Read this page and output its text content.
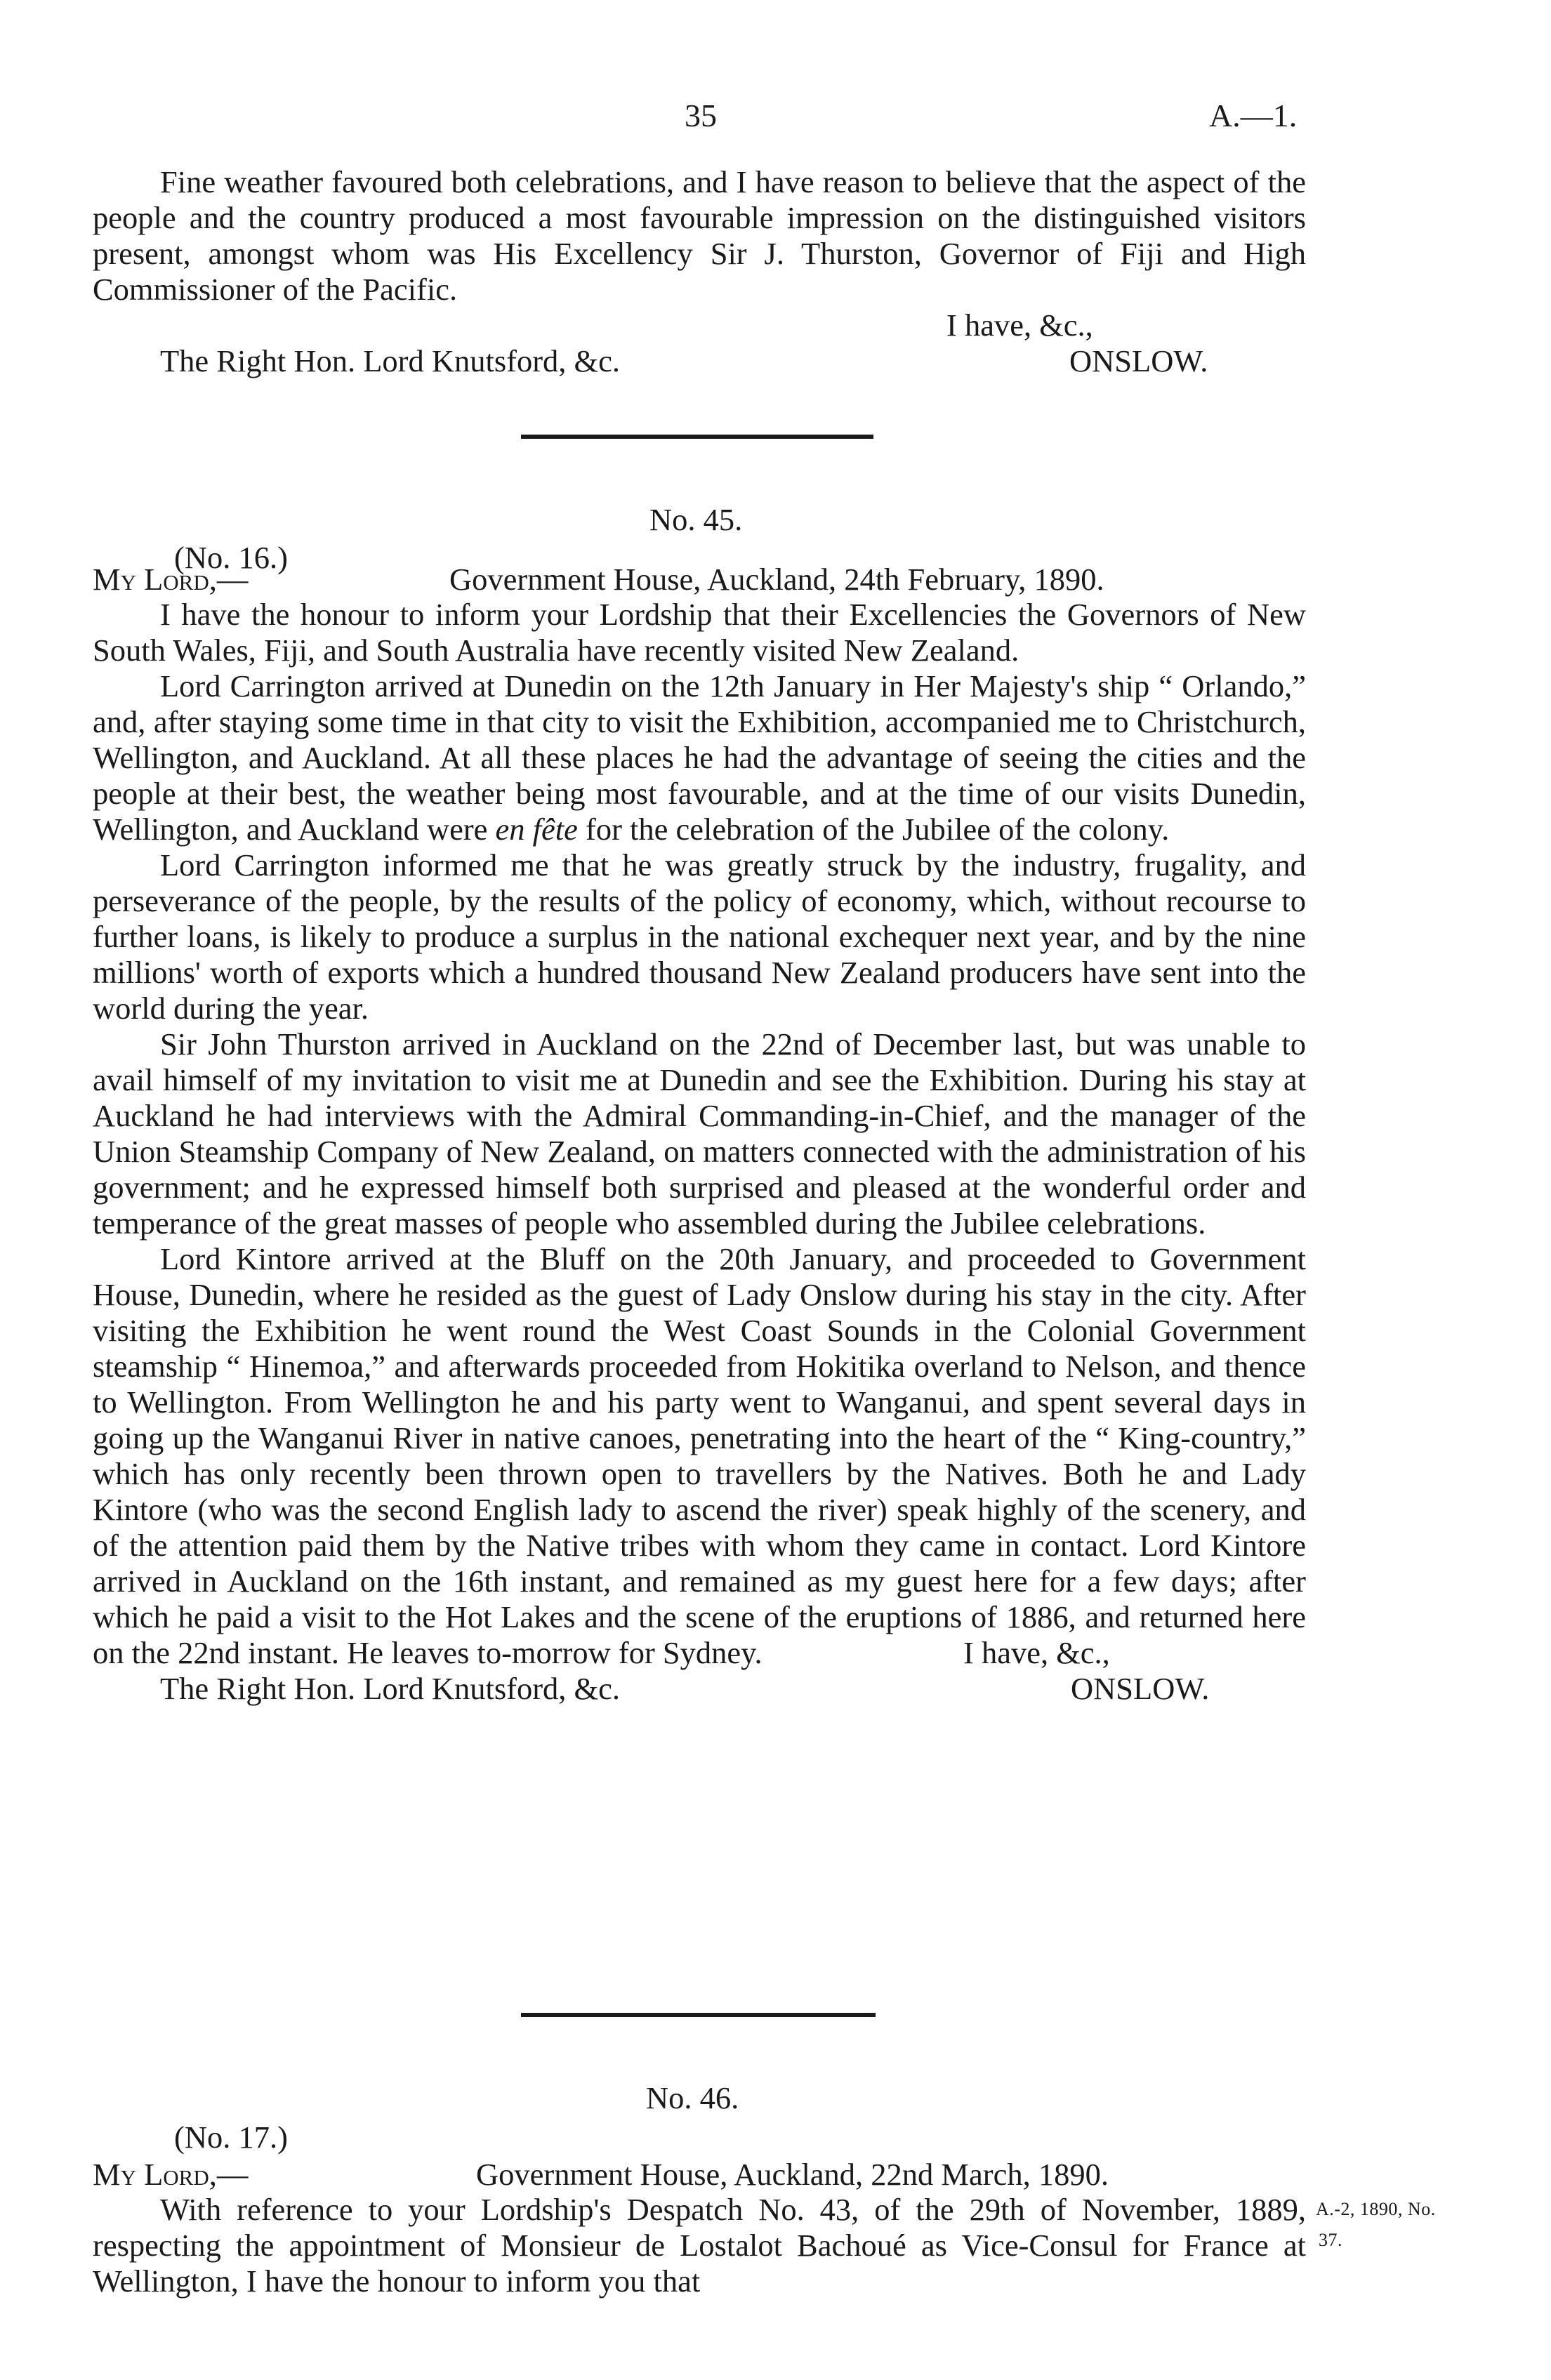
35	A.—1.

Fine weather favoured both celebrations, and I have reason to believe that the aspect of the people and the country produced a most favourable impression on the distinguished visitors present, amongst whom was His Excellency Sir J. Thurston, Governor of Fiji and High Commissioner of the Pacific.

I have, &c.,
The Right Hon. Lord Knutsford, &c.	ONSLOW.
No. 45.
(No. 16.)
My Lord,—	Government House, Auckland, 24th February, 1890.

I have the honour to inform your Lordship that their Excellencies the Governors of New South Wales, Fiji, and South Australia have recently visited New Zealand.

Lord Carrington arrived at Dunedin on the 12th January in Her Majesty's ship “ Orlando,” and, after staying some time in that city to visit the Exhibition, accompanied me to Christchurch, Wellington, and Auckland. At all these places he had the advantage of seeing the cities and the people at their best, the weather being most favourable, and at the time of our visits Dunedin, Wellington, and Auckland were en fête for the celebration of the Jubilee of the colony.

Lord Carrington informed me that he was greatly struck by the industry, frugality, and perseverance of the people, by the results of the policy of economy, which, without recourse to further loans, is likely to produce a surplus in the national exchequer next year, and by the nine millions' worth of exports which a hundred thousand New Zealand producers have sent into the world during the year.

Sir John Thurston arrived in Auckland on the 22nd of December last, but was unable to avail himself of my invitation to visit me at Dunedin and see the Exhibition. During his stay at Auckland he had interviews with the Admiral Commanding-in-Chief, and the manager of the Union Steamship Company of New Zealand, on matters connected with the administration of his government; and he expressed himself both surprised and pleased at the wonderful order and temperance of the great masses of people who assembled during the Jubilee celebrations.

Lord Kintore arrived at the Bluff on the 20th January, and proceeded to Government House, Dunedin, where he resided as the guest of Lady Onslow during his stay in the city. After visiting the Exhibition he went round the West Coast Sounds in the Colonial Government steamship “ Hinemoa,” and afterwards proceeded from Hokitika overland to Nelson, and thence to Wellington. From Wellington he and his party went to Wanganui, and spent several days in going up the Wanganui River in native canoes, penetrating into the heart of the “ King-country,” which has only recently been thrown open to travellers by the Natives. Both he and Lady Kintore (who was the second English lady to ascend the river) speak highly of the scenery, and of the attention paid them by the Native tribes with whom they came in contact. Lord Kintore arrived in Auckland on the 16th instant, and remained as my guest here for a few days; after which he paid a visit to the Hot Lakes and the scene of the eruptions of 1886, and returned here on the 22nd instant. He leaves to-morrow for Sydney.	I have, &c.,
The Right Hon. Lord Knutsford, &c.	ONSLOW.
No. 46.
(No. 17.)
My Lord,—	Government House, Auckland, 22nd March, 1890.

With reference to your Lordship's Despatch No. 43, of the 29th of November, 1889, respecting the appointment of Monsieur de Lostalot Bachoué as Vice-Consul for France at Wellington, I have the honour to inform you that

A.-2, 1890, No.
37.
